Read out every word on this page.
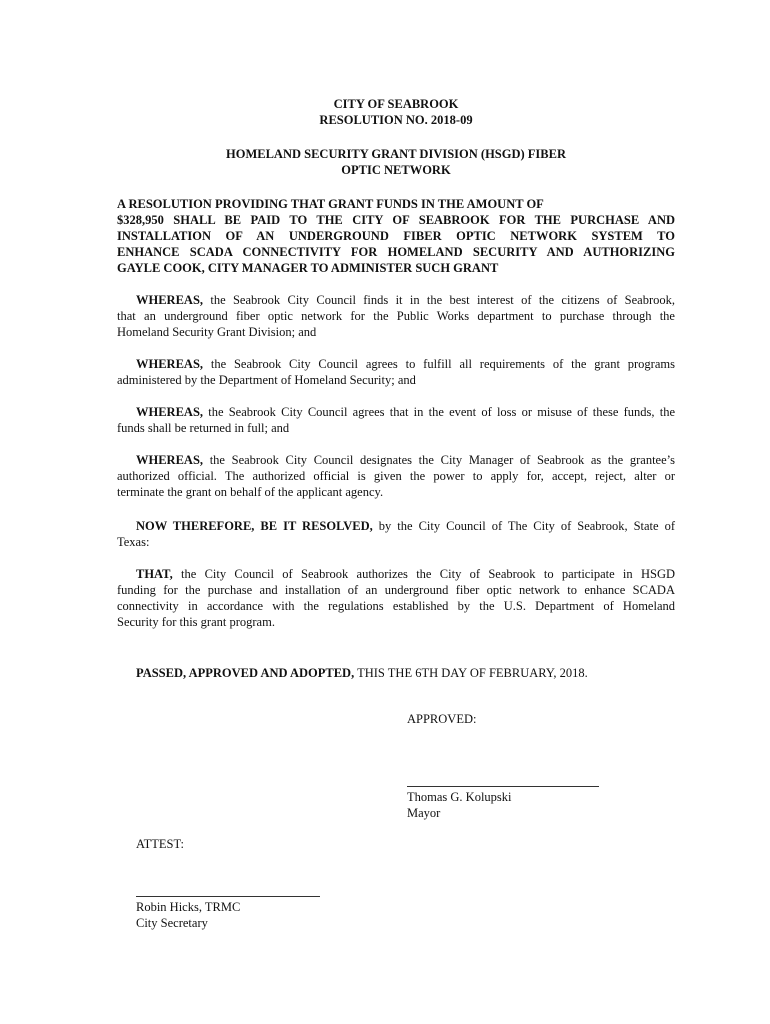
CITY OF SEABROOK
RESOLUTION NO. 2018-09
HOMELAND SECURITY GRANT DIVISION (HSGD) FIBER
OPTIC NETWORK
A RESOLUTION PROVIDING THAT GRANT FUNDS IN THE AMOUNT OF
$328,950 SHALL BE PAID TO THE CITY OF SEABROOK FOR THE PURCHASE AND
INSTALLATION OF AN UNDERGROUND FIBER OPTIC NETWORK SYSTEM TO
ENHANCE SCADA CONNECTIVITY FOR HOMELAND SECURITY AND AUTHORIZING
GAYLE COOK, CITY MANAGER TO ADMINISTER SUCH GRANT
WHEREAS, the Seabrook City Council finds it in the best interest of the citizens of Seabrook,
that an underground fiber optic network for the Public Works department to purchase through the
Homeland Security Grant Division; and
WHEREAS, the Seabrook City Council agrees to fulfill all requirements of the grant programs
administered by the Department of Homeland Security; and
WHEREAS, the Seabrook City Council agrees that in the event of loss or misuse of these funds, the
funds shall be returned in full; and
WHEREAS, the Seabrook City Council designates the City Manager of Seabrook as the grantee’s
authorized official. The authorized official is given the power to apply for, accept, reject, alter or
terminate the grant on behalf of the applicant agency.
NOW THEREFORE, BE IT RESOLVED, by the City Council of The City of Seabrook, State of
Texas:
THAT, the City Council of Seabrook authorizes the City of Seabrook to participate in HSGD
funding for the purchase and installation of an underground fiber optic network to enhance SCADA
connectivity in accordance with the regulations established by the U.S. Department of Homeland
Security for this grant program.
PASSED, APPROVED AND ADOPTED, THIS THE 6TH DAY OF FEBRUARY, 2018.
APPROVED:
Thomas G. Kolupski
Mayor
ATTEST:
Robin Hicks, TRMC
City Secretary
